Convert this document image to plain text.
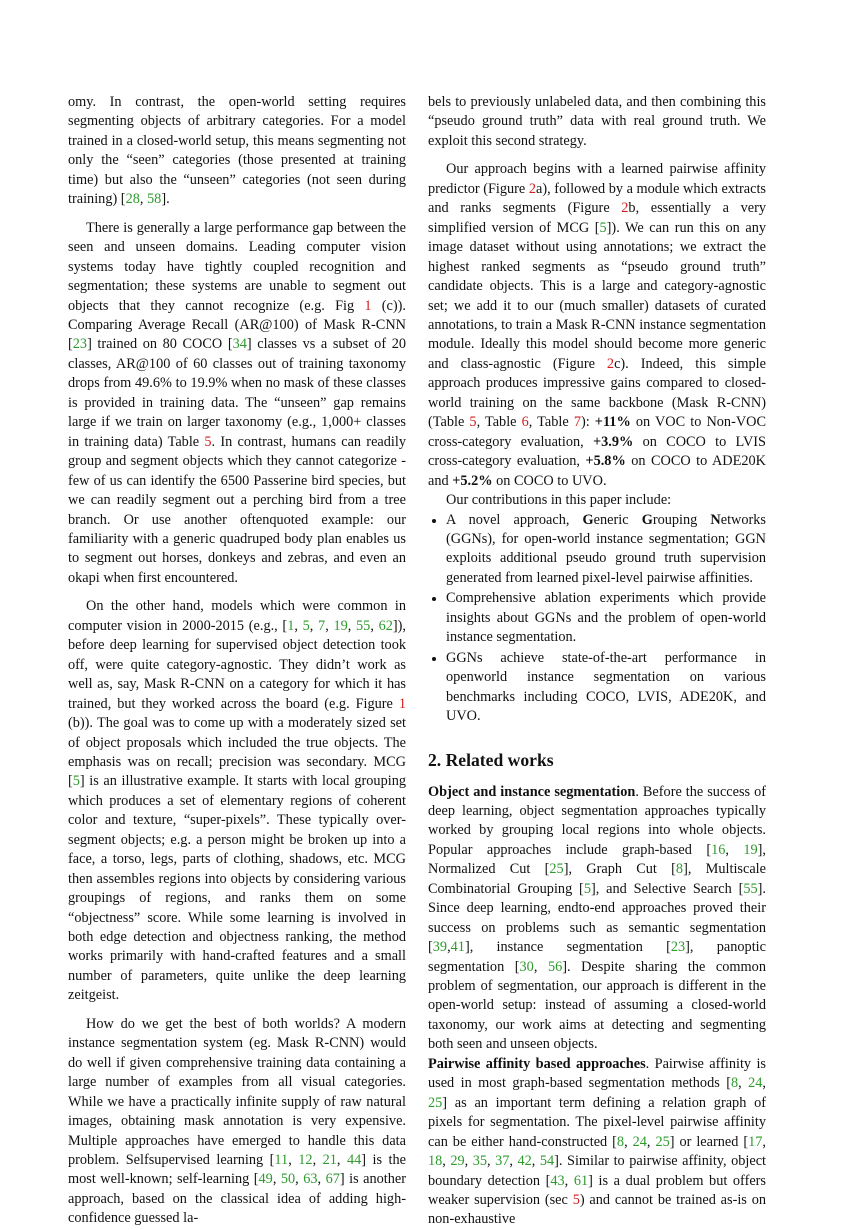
omy. In contrast, the open-world setting requires segmenting objects of arbitrary categories. For a model trained in a closed-world setup, this means segmenting not only the “seen” categories (those presented at training time) but also the “unseen” categories (not seen during training) [28, 58].

There is generally a large performance gap between the seen and unseen domains. Leading computer vision systems today have tightly coupled recognition and segmentation; these systems are unable to segment out objects that they cannot recognize (e.g. Fig 1 (c)). Comparing Average Recall (AR@100) of Mask R-CNN [23] trained on 80 COCO [34] classes vs a subset of 20 classes, AR@100 of 60 classes out of training taxonomy drops from 49.6% to 19.9% when no mask of these classes is provided in training data. The “unseen” gap remains large if we train on larger taxonomy (e.g., 1,000+ classes in training data) Table 5. In contrast, humans can readily group and segment objects which they cannot categorize - few of us can identify the 6500 Passerine bird species, but we can readily segment out a perching bird from a tree branch. Or use another oftenquoted example: our familiarity with a generic quadruped body plan enables us to segment out horses, donkeys and zebras, and even an okapi when first encountered.

On the other hand, models which were common in computer vision in 2000-2015 (e.g., [1, 5, 7, 19, 55, 62]), before deep learning for supervised object detection took off, were quite category-agnostic. They didn’t work as well as, say, Mask R-CNN on a category for which it has trained, but they worked across the board (e.g. Figure 1 (b)). The goal was to come up with a moderately sized set of object proposals which included the true objects. The emphasis was on recall; precision was secondary. MCG [5] is an illustrative example. It starts with local grouping which produces a set of elementary regions of coherent color and texture, “super-pixels”. These typically over-segment objects; e.g. a person might be broken up into a face, a torso, legs, parts of clothing, shadows, etc. MCG then assembles regions into objects by considering various groupings of regions, and ranks them on some “objectness” score. While some learning is involved in both edge detection and objectness ranking, the method works primarily with hand-crafted features and a small number of parameters, quite unlike the deep learning zeitgeist.

How do we get the best of both worlds? A modern instance segmentation system (eg. Mask R-CNN) would do well if given comprehensive training data containing a large number of examples from all visual categories. While we have a practically infinite supply of raw natural images, obtaining mask annotation is very expensive. Multiple approaches have emerged to handle this data problem. Selfsupervised learning [11, 12, 21, 44] is the most well-known; self-learning [49, 50, 63, 67] is another approach, based on the classical idea of adding high-confidence guessed la-

bels to previously unlabeled data, and then combining this “pseudo ground truth” data with real ground truth. We exploit this second strategy.

Our approach begins with a learned pairwise affinity predictor (Figure 2a), followed by a module which extracts and ranks segments (Figure 2b, essentially a very simplified version of MCG [5]). We can run this on any image dataset without using annotations; we extract the highest ranked segments as “pseudo ground truth” candidate objects. This is a large and category-agnostic set; we add it to our (much smaller) datasets of curated annotations, to train a Mask R-CNN instance segmentation module. Ideally this model should become more generic and class-agnostic (Figure 2c). Indeed, this simple approach produces impressive gains compared to closed-world training on the same backbone (Mask R-CNN) (Table 5, Table 6, Table 7): +11% on VOC to Non-VOC cross-category evaluation, +3.9% on COCO to LVIS cross-category evaluation, +5.8% on COCO to ADE20K and +5.2% on COCO to UVO.

Our contributions in this paper include:

• A novel approach, Generic Grouping Networks (GGNs), for open-world instance segmentation; GGN exploits additional pseudo ground truth supervision generated from learned pixel-level pairwise affinities.
• Comprehensive ablation experiments which provide insights about GGNs and the problem of open-world instance segmentation.
• GGNs achieve state-of-the-art performance in openworld instance segmentation on various benchmarks including COCO, LVIS, ADE20K, and UVO.
2. Related works

Object and instance segmentation. Before the success of deep learning, object segmentation approaches typically worked by grouping local regions into whole objects. Popular approaches include graph-based [16, 19], Normalized Cut [25], Graph Cut [8], Multiscale Combinatorial Grouping [5], and Selective Search [55]. Since deep learning, endto-end approaches proved their success on problems such as semantic segmentation [39,41], instance segmentation [23], panoptic segmentation [30, 56]. Despite sharing the common problem of segmentation, our approach is different in the open-world setup: instead of assuming a closed-world taxonomy, our work aims at detecting and segmenting both seen and unseen objects.

Pairwise affinity based approaches. Pairwise affinity is used in most graph-based segmentation methods [8, 24, 25] as an important term defining a relation graph of pixels for segmentation. The pixel-level pairwise affinity can be either hand-constructed [8, 24, 25] or learned [17, 18, 29, 35, 37, 42, 54]. Similar to pairwise affinity, object boundary detection [43, 61] is a dual problem but offers weaker supervision (sec 5) and cannot be trained as-is on non-exhaustive
